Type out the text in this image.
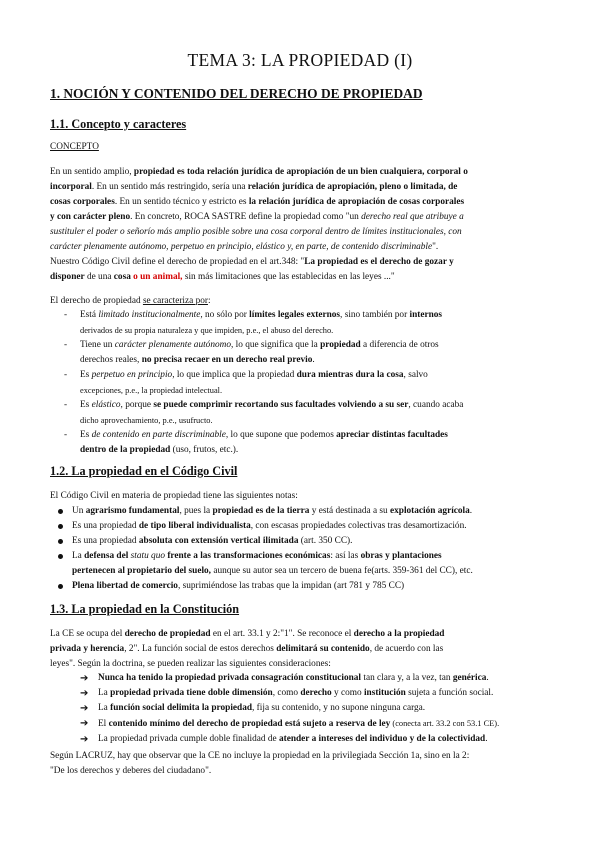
TEMA 3: LA PROPIEDAD (I)
1. NOCIÓN Y CONTENIDO DEL DERECHO DE PROPIEDAD
1.1. Concepto y caracteres
CONCEPTO
En un sentido amplio, propiedad es toda relación jurídica de apropiación de un bien cualquiera, corporal o
incorporal. En un sentido más restringido, sería una relación jurídica de apropiación, pleno o limitada, de
cosas corporales. En un sentido técnico y estricto es la relación jurídica de apropiación de cosas corporales
y con carácter pleno. En concreto, ROCA SASTRE define la propiedad como "un derecho real que atribuye a
sustituler el poder o señorío más amplio posible sobre una cosa corporal dentro de límites institucionales, con
carácter plenamente autónomo, perpetuo en principio, elástico y, en parte, de contenido discriminable".
Nuestro Código Civil define el derecho de propiedad en el art.348: "La propiedad es el derecho de gozar y
disponer de una cosa o un animal, sin más limitaciones que las establecidas en las leyes ..."
El derecho de propiedad se caracteriza por:
- Está limitado institucionalmente, no sólo por límites legales externos, sino también por internos
derivados de su propia naturaleza y que impiden, p.e., el abuso del derecho.
- Tiene un carácter plenamente autónomo, lo que significa que la propiedad a diferencia de otros
derechos reales, no precisa recaer en un derecho real previo.
- Es perpetuo en principio, lo que implica que la propiedad dura mientras dura la cosa, salvo
excepciones, p.e., la propiedad intelectual.
- Es elástico, porque se puede comprimir recortando sus facultades volviendo a su ser, cuando acaba
dicho aprovechamiento, p.e., usufructo.
- Es de contenido en parte discriminable, lo que supone que podemos apreciar distintas facultades
dentro de la propiedad (uso, frutos, etc.).
1.2. La propiedad en el Código Civil
El Código Civil en materia de propiedad tiene las siguientes notas:
Un agrarismo fundamental, pues la propiedad es de la tierra y está destinada a su explotación agrícola.
Es una propiedad de tipo liberal individualista, con escasas propiedades colectivas tras desamortización.
Es una propiedad absoluta con extensión vertical ilimitada (art. 350 CC).
La defensa del statu quo frente a las transformaciones económicas: así las obras y plantaciones
pertenecen al propietario del suelo, aunque su autor sea un tercero de buena fe(arts. 359-361 del CC), etc.
Plena libertad de comercio, suprimiéndose las trabas que la impidan (art 781 y 785 CC)
1.3. La propiedad en la Constitución
La CE se ocupa del derecho de propiedad en el art. 33.1 y 2:"1". Se reconoce el derecho a la propiedad
privada y herencia, 2". La función social de estos derechos delimitará su contenido, de acuerdo con las
leyes". Según la doctrina, se pueden realizar las siguientes consideraciones:
➔ Nunca ha tenido la propiedad privada consagración constitucional tan clara y, a la vez, tan genérica.
➔ La propiedad privada tiene doble dimensión, como derecho y como institución sujeta a función social.
➔ La función social delimita la propiedad, fija su contenido, y no supone ninguna carga.
➔ El contenido mínimo del derecho de propiedad está sujeto a reserva de ley (conecta art. 33.2 con 53.1 CE).
➔ La propiedad privada cumple doble finalidad de atender a intereses del individuo y de la colectividad.
Según LACRUZ, hay que observar que la CE no incluye la propiedad en la privilegiada Sección 1a, sino en la 2:
"De los derechos y deberes del ciudadano".
